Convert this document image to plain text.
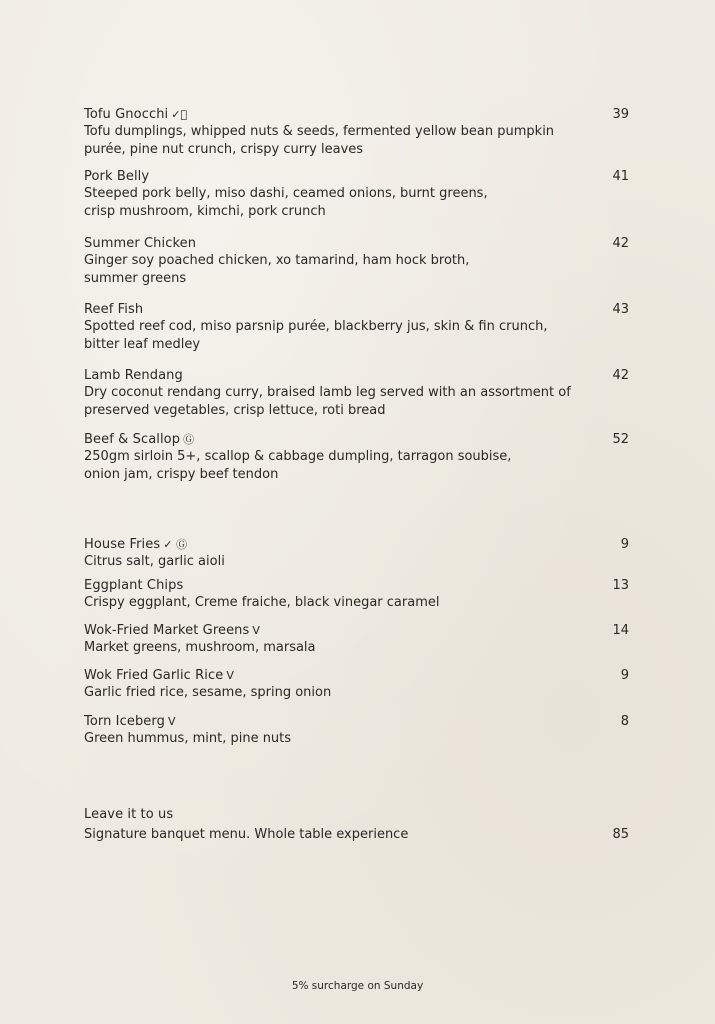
Tofu Gnocchi ✓⃝
Tofu dumplings, whipped nuts & seeds, fermented yellow bean pumpkin
purée, pine nut crunch, crispy curry leaves
39
Pork Belly
Steeped pork belly, miso dashi, ceamed onions, burnt greens,
crisp mushroom, kimchi, pork crunch
41
Summer Chicken
Ginger soy poached chicken, xo tamarind, ham hock broth,
summer greens
42
Reef Fish
Spotted reef cod, miso parsnip purée, blackberry jus, skin & fin crunch,
bitter leaf medley
43
Lamb Rendang
Dry coconut rendang curry, braised lamb leg served with an assortment of
preserved vegetables, crisp lettuce, roti bread
42
Beef & Scallop Ⓖ
250gm sirloin 5+, scallop & cabbage dumpling, tarragon soubise,
onion jam, crispy beef tendon
52
House Fries ✓ Ⓖ
Citrus salt, garlic aioli
9
Eggplant Chips
Crispy eggplant, Creme fraiche, black vinegar caramel
13
Wok-Fried Market Greens V
Market greens, mushroom, marsala
14
Wok Fried Garlic Rice V
Garlic fried rice, sesame, spring onion
9
Torn Iceberg V
Green hummus, mint, pine nuts
8
Leave it to us
Signature banquet menu. Whole table experience	85
5% surcharge on Sunday
